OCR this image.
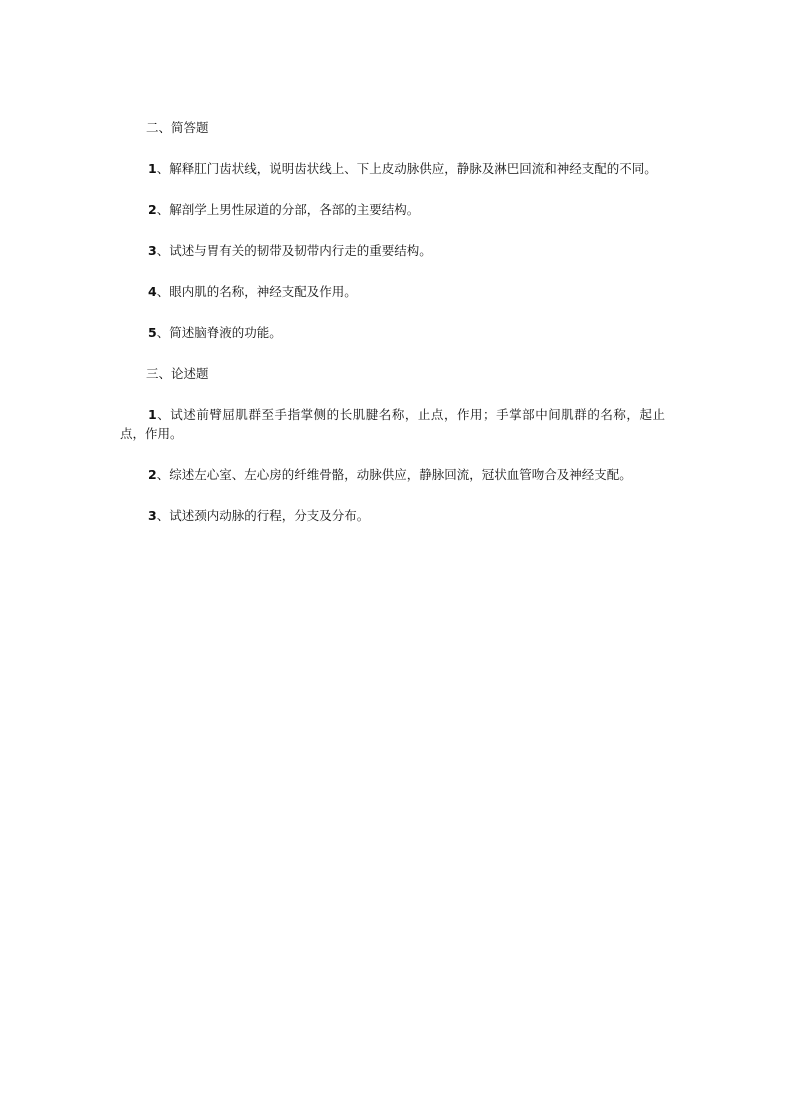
二、简答题

1、解释肛门齿状线，说明齿状线上、下上皮动脉供应，静脉及淋巴回流和神经支配的不同。

2、解剖学上男性尿道的分部，各部的主要结构。

3、试述与胃有关的韧带及韧带内行走的重要结构。

4、眼内肌的名称，神经支配及作用。

5、简述脑脊液的功能。

三、论述题

1、试述前臂屈肌群至手指掌侧的长肌腱名称，止点，作用；手掌部中间肌群的名称，起止点，作用。

2、综述左心室、左心房的纤维骨骼，动脉供应，静脉回流，冠状血管吻合及神经支配。

3、试述颈内动脉的行程，分支及分布。
